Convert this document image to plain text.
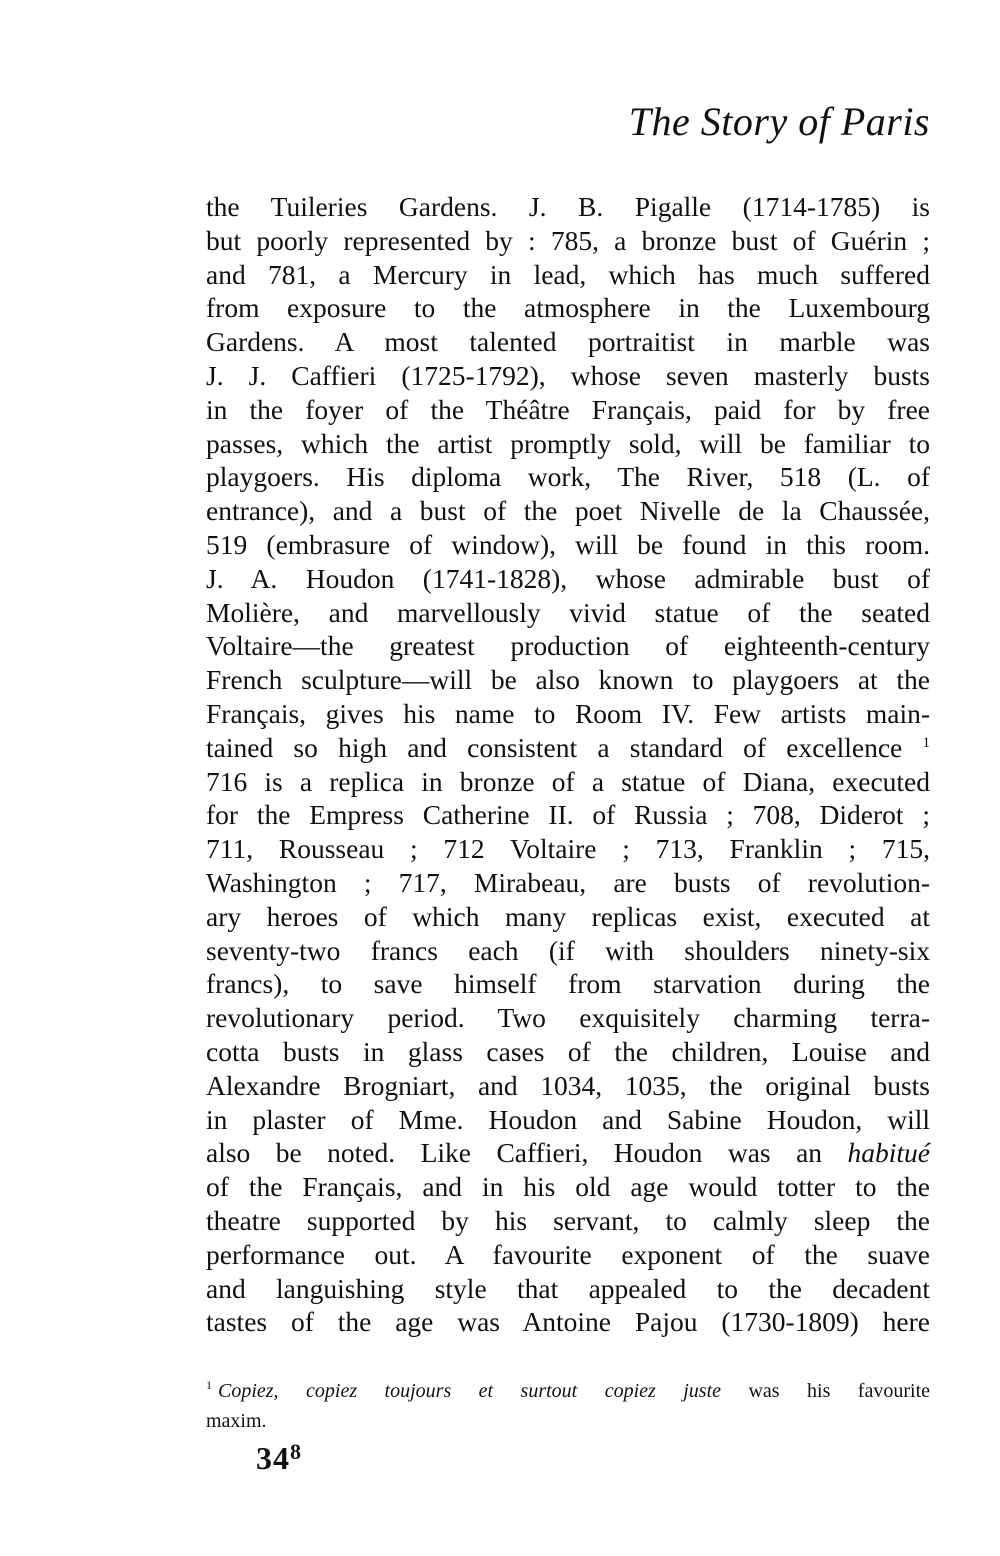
The Story of Paris
the Tuileries Gardens. J. B. Pigalle (1714-1785) is
but poorly represented by : 785, a bronze bust of Guérin ;
and 781, a Mercury in lead, which has much suffered
from exposure to the atmosphere in the Luxembourg
Gardens. A most talented portraitist in marble was
J. J. Caffieri (1725-1792), whose seven masterly busts
in the foyer of the Théâtre Français, paid for by free
passes, which the artist promptly sold, will be familiar to
playgoers. His diploma work, The River, 518 (L. of
entrance), and a bust of the poet Nivelle de la Chaussée,
519 (embrasure of window), will be found in this room.
J. A. Houdon (1741-1828), whose admirable bust of
Molière, and marvellously vivid statue of the seated
Voltaire—the greatest production of eighteenth-century
French sculpture—will be also known to playgoers at the
Français, gives his name to Room IV. Few artists main-
tained so high and consistent a standard of excellence $^1$
716 is a replica in bronze of a statue of Diana, executed
for the Empress Catherine II. of Russia ; 708, Diderot ;
711, Rousseau ; 712 Voltaire ; 713, Franklin ; 715,
Washington ; 717, Mirabeau, are busts of revolution-
ary heroes of which many replicas exist, executed at
seventy-two francs each (if with shoulders ninety-six
francs), to save himself from starvation during the
revolutionary period. Two exquisitely charming terra-
cotta busts in glass cases of the children, Louise and
Alexandre Brogniart, and 1034, 1035, the original busts
in plaster of Mme. Houdon and Sabine Houdon, will
also be noted. Like Caffieri, Houdon was an habitué
of the Français, and in his old age would totter to the
theatre supported by his servant, to calmly sleep the
performance out. A favourite exponent of the suave
and languishing style that appealed to the decadent
tastes of the age was Antoine Pajou (1730-1809) here
$^1$ Copiez, copiez toujours et surtout copiez juste was his favourite
maxim.
$34^8$
